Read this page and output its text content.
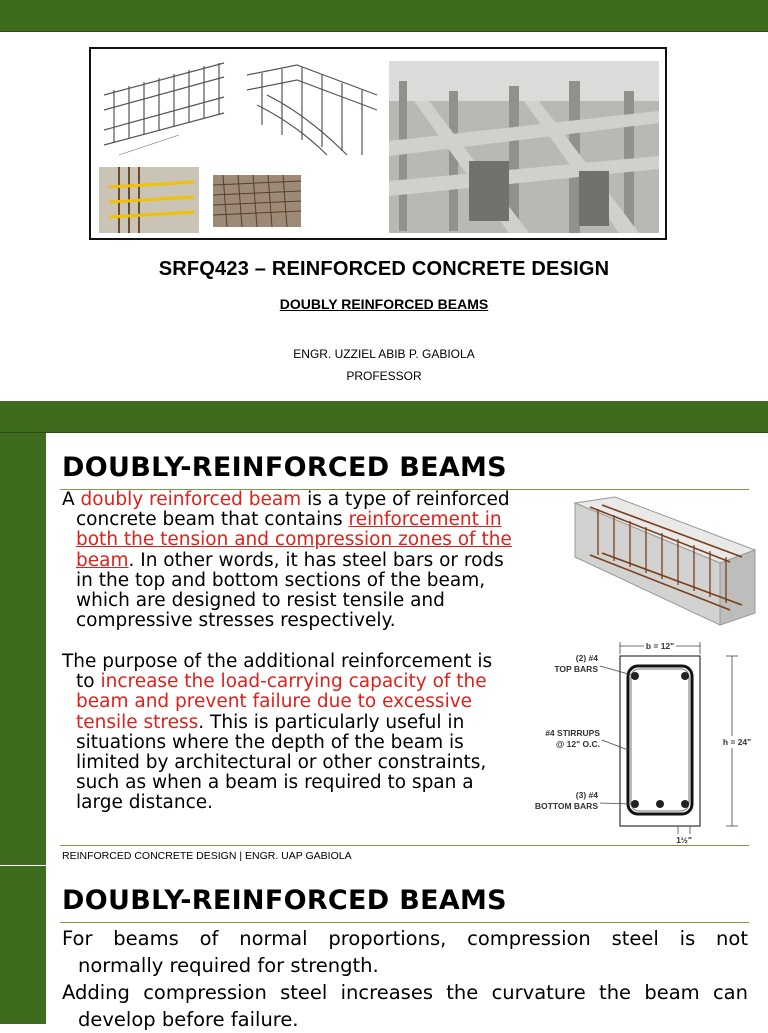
SRFQ423 – REINFORCED CONCRETE DESIGN
DOUBLY REINFORCED BEAMS
ENGR. UZZIEL ABIB P. GABIOLA
PROFESSOR
DOUBLY-REINFORCED BEAMS
A doubly reinforced beam is a type of reinforced
concrete beam that contains reinforcement in
both the tension and compression zones of the
beam. In other words, it has steel bars or rods
in the top and bottom sections of the beam,
which are designed to resist tensile and
compressive stresses respectively.
The purpose of the additional reinforcement is
to increase the load-carrying capacity of the
beam and prevent failure due to excessive
tensile stress. This is particularly useful in
situations where the depth of the beam is
limited by architectural or other constraints,
such as when a beam is required to span a
large distance.
b = 12"
h = 24"
(2) #4
TOP BARS
#4 STIRRUPS
@ 12" O.C.
(3) #4
BOTTOM BARS
1½"
REINFORCED CONCRETE DESIGN | ENGR. UAP GABIOLA
DOUBLY-REINFORCED BEAMS
For beams of normal proportions, compression steel is not
normally required for strength.
Adding compression steel increases the curvature the beam can
develop before failure.
